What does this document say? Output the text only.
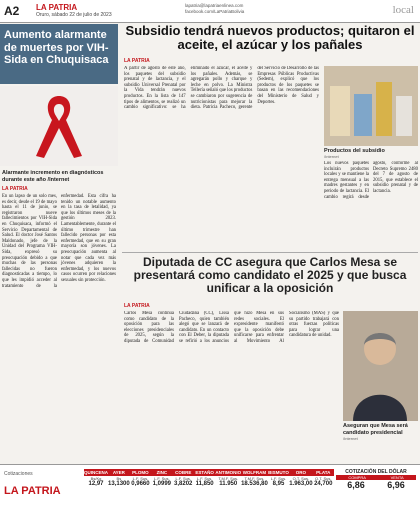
A2 LA PATRIA
Oruro, sábado 22 de julio de 2023
lapatria@lapatriaenlinea.com facebook.com/LaPatriaBolivia	local
Aumento alarmante de muertes por VIH-Sida en Chuquisaca
Alarmante incremento en diagnósticos durante este año /Internet
LA PATRIA
En un lapso de un solo mes, es decir, desde el 19 de mayo hasta el 11 de junio, se registraron nueve fallecimientos por VIH-Sida en Chuquisaca, informó el Servicio Departamental de Salud. El doctor José Santos Maldonado, jefe de la Unidad del Programa VIH-Sida, expresó su preocupación debido a que muchas de las personas fallecidas no fueron diagnosticadas a tiempo, lo que les impidió acceder al tratamiento de la enfermedad. Esta cifra ha tenido un notable aumento en la tasa de letalidad, ya que los últimos meses de la gestión 2023. Lamentablemente, durante el último trimestre han fallecido personas por esta enfermedad, que en su gran mayoría son jóvenes. La preocupación aumenta al notar que cada vez más jóvenes adquieren la enfermedad, y los nuevos casos ocurren por relaciones sexuales sin protección.
Subsidio tendrá nuevos productos; quitaron el aceite, el azúcar y los pañales
LA PATRIA
A partir de agosto de este año, los paquetes del subsidio prenatal y de lactancia, y el subsidio Universal Prenatal por la Vida tendrán nuevos productos. En la lista de 147 tipos de alimentos, se realizó un cambio significativo: se ha eliminado el azúcar, el aceite y los pañales. Además, se agregarán pollo y charque y leche en polvo. La Ministra Tellería señaló que los productos se cambiaron por sugerencia de nutricionistas para mejorar la dieta. Patricia Pacheco, gerente del Servicio de Desarrollo de las Empresas Públicas Productivas (Sedem), explicó que los productos de los paquetes se basan en las recomendaciones del Ministerio de Salud y Deportes.
Productos del subsidio
/Internet
Los nuevos paquetes incluirán productos locales y se mantiene la entrega mensual a las madres gestantes y en periodo de lactancia. El cambio regirá desde agosto, conforme al Decreto Supremo 2480 del 7 de agosto de 2015, que establece el subsidio prenatal y de lactancia.
Diputada de CC asegura que Carlos Mesa se presentará como candidato el 2025 y que busca unificar a la oposición
LA PATRIA
Carlos Mesa continúa como candidato de la oposición para las elecciones presidenciales de 2025, según la diputada de Comunidad Ciudadana (CC), Lissa Pacheco, quien también alegó que se lanzará de candidato. En un contacto con El Deber, la diputada se refirió a los anuncios que hizo Mesa en sus redes sociales. El expresidente manifestó que la oposición debe unificarse para enfrentar al Movimiento Al Socialismo (MAS) y que su partido trabajará con otras fuerzas políticas para lograr una candidatura de unidad.
Aseguran que Mesa será candidato presidencial
/Internet
Cotizaciones
LA PATRIA
QUINCENA
Bs/Kg
12,97
AYER
Bs
13,1300
PLOMO
L.F. Sus.
0,9660
ZINC
L.F. Sus.
1,0999
COBRE
L.F. Sus.
3,8202
ESTAÑO
L.F. Sus.
11,850
ANTIMONIO
T.M.F. Sus.
11.950
WOLFRAM
T.M.F. Sus.
18.536,80
BISMUTO
L.F. Sus.
8,95
ORO
O.T. Sus.
1.963,00
PLATA
O.T. Sus.
24,700
COTIZACIÓN DEL DÓLAR
COMPRA	VENTA
6,86 6,96
